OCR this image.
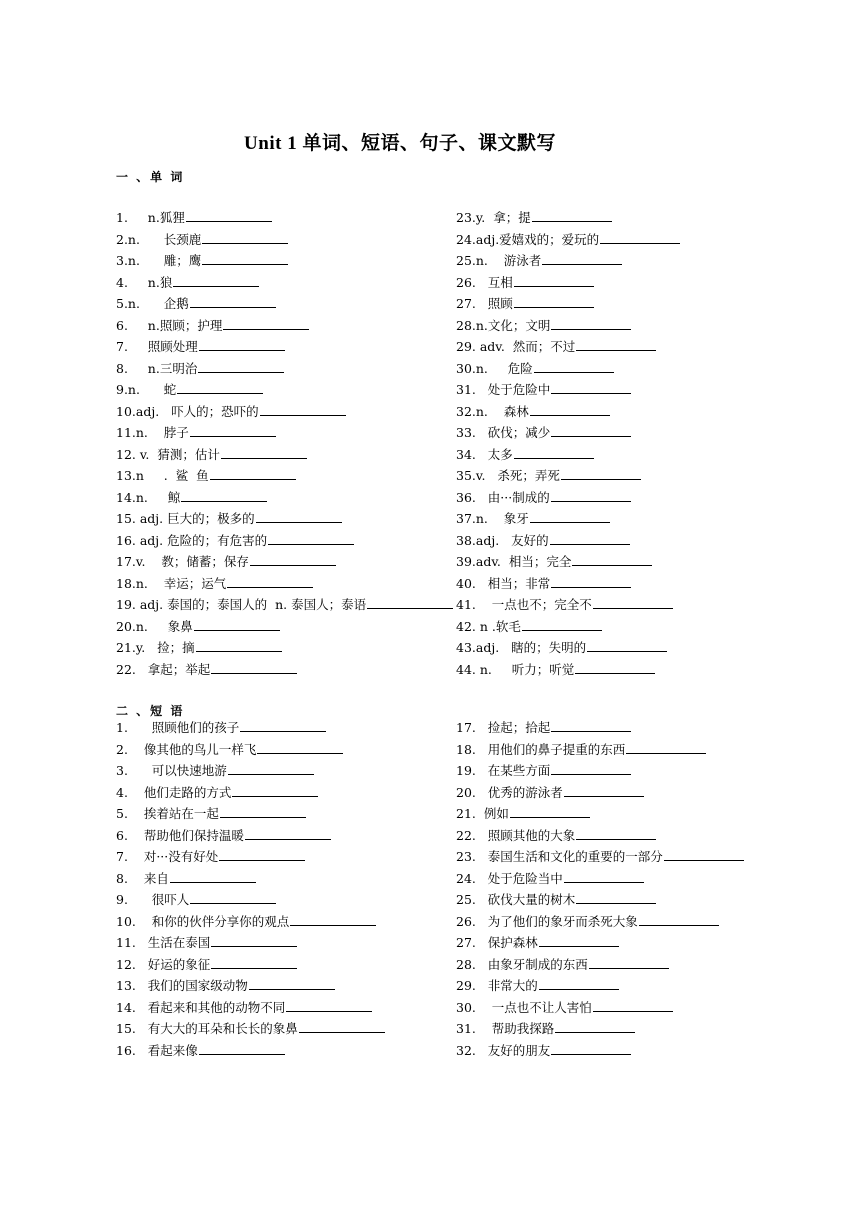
Unit 1 单词、短语、句子、课文默写
一 、单 词
1.     n.狐狸	23.y.  拿；提
2.n.      长颈鹿	24.adj.爱嬉戏的；爱玩的
3.n.      雕；鹰	25.n.    游泳者
4.     n.狼	26.   互相
5.n.      企鹅	27.   照顾
6.     n.照顾；护理	28.n.文化；文明
7.     照顾处理	29. adv.  然而；不过
8.     n.三明治	30.n.     危险
9.n.      蛇	31.   处于危险中
10.adj.   吓人的；恐吓的	32.n.    森林
11.n.    脖子	33.   砍伐；减少
12. v.  猜测；估计	34.   太多
13.n     .  鲨  鱼	35.v.   杀死；弄死
14.n.     鲸	36.   由···制成的
15. adj. 巨大的；极多的	37.n.    象牙
16. adj. 危险的；有危害的	38.adj.   友好的
17.v.    教；储蓄；保存	39.adv.  相当；完全
18.n.    幸运；运气	40.   相当；非常
19. adj. 泰国的；泰国人的  n. 泰国人；泰语	41.    一点也不；完全不
20.n.     象鼻	42. n .软毛
21.y.   捡；摘	43.adj.   瞎的；失明的
22.   拿起；举起	44. n.     听力；听觉
二 、短 语
1.      照顾他们的孩子	17.   捡起；拾起
2.    像其他的鸟儿一样飞	18.   用他们的鼻子提重的东西
3.      可以快速地游	19.   在某些方面
4.    他们走路的方式	20.   优秀的游泳者
5.    挨着站在一起	21.  例如
6.    帮助他们保持温暖	22.   照顾其他的大象
7.    对···没有好处	23.   泰国生活和文化的重要的一部分
8.    来自	24.   处于危险当中
9.      很吓人	25.   砍伐大量的树木
10.    和你的伙伴分享你的观点	26.   为了他们的象牙而杀死大象
11.   生活在泰国	27.   保护森林
12.   好运的象征	28.   由象牙制成的东西
13.   我们的国家级动物	29.   非常大的
14.   看起来和其他的动物不同	30.    一点也不让人害怕
15.   有大大的耳朵和长长的象鼻	31.    帮助我探路
16.   看起来像	32.   友好的朋友
